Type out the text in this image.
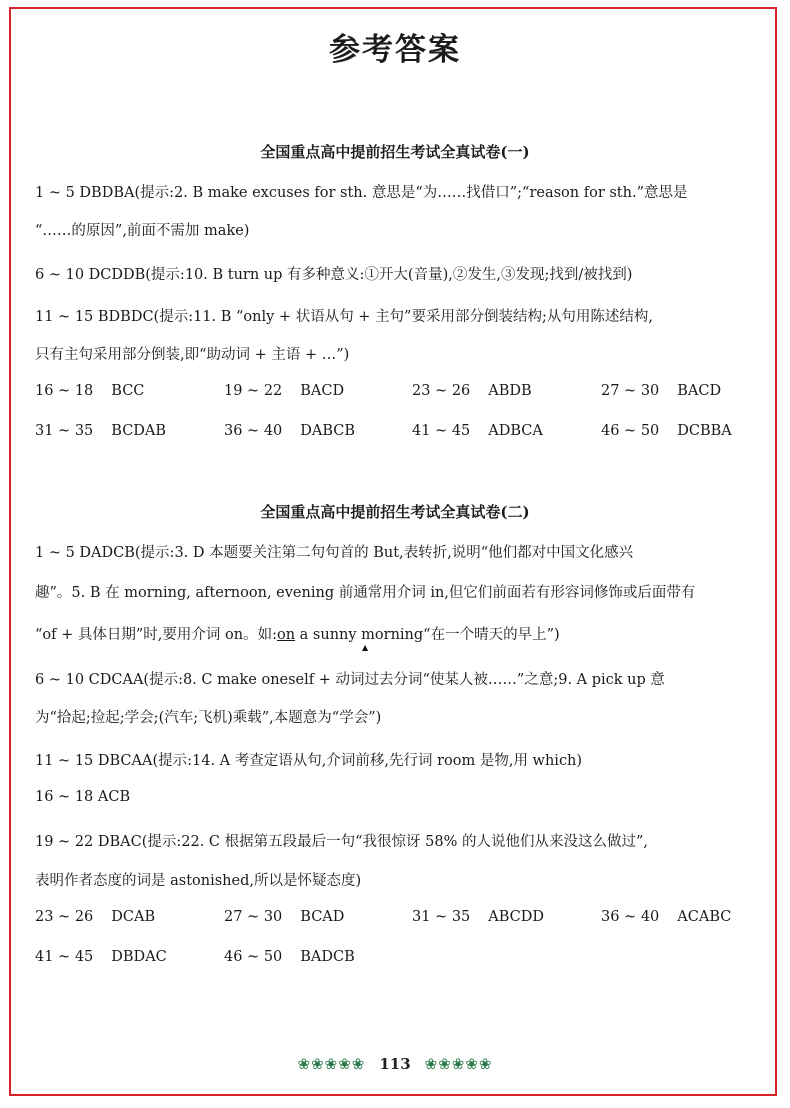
参考答案
全国重点高中提前招生考试全真试卷(一)
1 ~ 5 DBDBA(提示:2. B make excuses for sth. 意思是“为……找借口”;“reason for sth.”意思是
“……的原因”,前面不需加 make)
6 ~ 10 DCDDB(提示:10. B turn up 有多种意义:①开大(音量),②发生,③发现;找到/被找到)
11 ~ 15 BDBDC(提示:11. B “only + 状语从句 + 主句”要采用部分倒装结构;从句用陈述结构,
只有主句采用部分倒装,即“助动词 + 主语 + …”)
16 ~ 18 BCC	19 ~ 22 BACD	23 ~ 26 ABDB	27 ~ 30 BACD
31 ~ 35 BCDAB	36 ~ 40 DABCB	41 ~ 45 ADBCA	46 ~ 50 DCBBA
全国重点高中提前招生考试全真试卷(二)
1 ~ 5 DADCB(提示:3. D 本题要关注第二句句首的 But,表转折,说明“他们都对中国文化感兴
趣”。5. B 在 morning, afternoon, evening 前通常用介词 in,但它们前面若有形容词修饰或后面带有
“of + 具体日期”时,要用介词 on。如:on a sunny morning“在一个晴天的早上”)
▲
6 ~ 10 CDCAA(提示:8. C make oneself + 动词过去分词“使某人被……”之意;9. A pick up 意
为“拾起;捡起;学会;(汽车;飞机)乘载”,本题意为“学会”)
11 ~ 15 DBCAA(提示:14. A 考查定语从句,介词前移,先行词 room 是物,用 which)
16 ~ 18 ACB
19 ~ 22 DBAC(提示:22. C 根据第五段最后一句“我很惊讶 58% 的人说他们从来没这么做过”,
表明作者态度的词是 astonished,所以是怀疑态度)
23 ~ 26 DCAB	27 ~ 30 BCAD	31 ~ 35 ABCDD	36 ~ 40 ACABC
41 ~ 45 DBDAC	46 ~ 50 BADCB
❀❀❀❀❀ 113 ❀❀❀❀❀
